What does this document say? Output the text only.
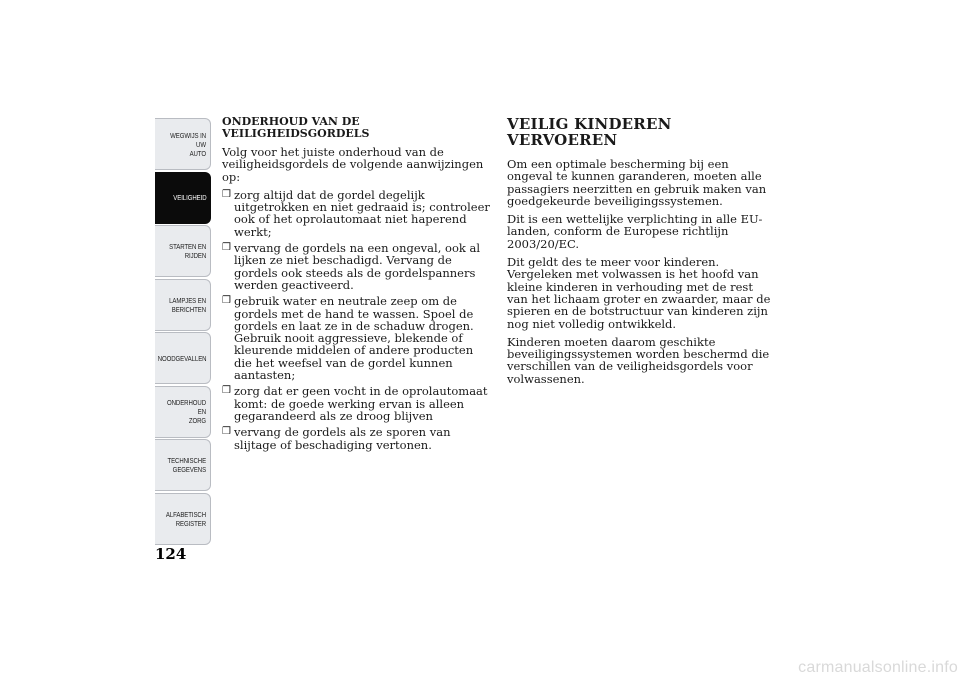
WEGWIJS IN UW
AUTO
VEILIGHEID
STARTEN EN
RIJDEN
LAMPJES EN
BERICHTEN
NOODGEVALLEN
ONDERHOUD EN
ZORG
TECHNISCHE
GEGEVENS
ALFABETISCH
REGISTER
124
ONDERHOUD VAN DE
VEILIGHEIDSGORDELS

Volg voor het juiste onderhoud van de veiligheidsgordels de volgende aanwijzingen op:

❒ zorg altijd dat de gordel degelijk uitgetrokken en niet gedraaid is; controleer ook of het oprolautomaat niet haperend werkt;
❒ vervang de gordels na een ongeval, ook al lijken ze niet beschadigd. Vervang de gordels ook steeds als de gordelspanners werden geactiveerd.
❒ gebruik water en neutrale zeep om de gordels met de hand te wassen. Spoel de gordels en laat ze in de schaduw drogen. Gebruik nooit aggressieve, blekende of kleurende middelen of andere producten die het weefsel van de gordel kunnen aantasten;
❒ zorg dat er geen vocht in de oprolautomaat komt: de goede werking ervan is alleen gegarandeerd als ze droog blijven
❒ vervang de gordels als ze sporen van slijtage of beschadiging vertonen.
VEILIG KINDEREN VERVOEREN

Om een optimale bescherming bij een ongeval te kunnen garanderen, moeten alle passagiers neerzitten en gebruik maken van goedgekeurde beveiligingssystemen.

Dit is een wettelijke verplichting in alle EU-landen, conform de Europese richtlijn 2003/20/EC.

Dit geldt des te meer voor kinderen. Vergeleken met volwassen is het hoofd van kleine kinderen in verhouding met de rest van het lichaam groter en zwaarder, maar de spieren en de botstructuur van kinderen zijn nog niet volledig ontwikkeld.

Kinderen moeten daarom geschikte beveiligingssystemen worden beschermd die verschillen van de veiligheidsgordels voor volwassenen.

carmanualsonline.info
